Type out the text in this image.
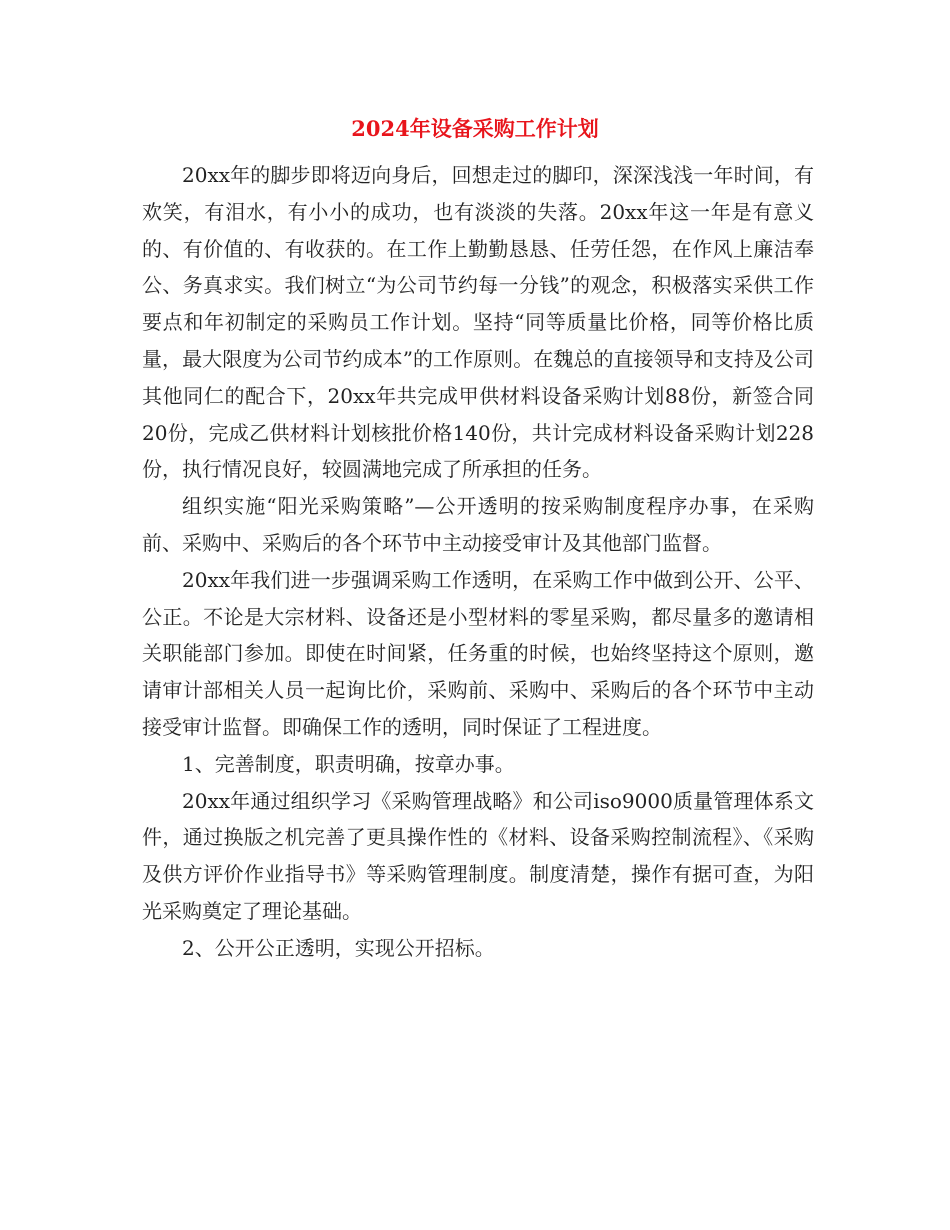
2024年设备采购工作计划

20xx年的脚步即将迈向身后，回想走过的脚印，深深浅浅一年时间，有欢笑，有泪水，有小小的成功，也有淡淡的失落。20xx年这一年是有意义的、有价值的、有收获的。在工作上勤勤恳恳、任劳任怨，在作风上廉洁奉公、务真求实。我们树立“为公司节约每一分钱”的观念，积极落实采供工作要点和年初制定的采购员工作计划。坚持“同等质量比价格，同等价格比质量，最大限度为公司节约成本”的工作原则。在魏总的直接领导和支持及公司其他同仁的配合下，20xx年共完成甲供材料设备采购计划88份，新签合同20份，完成乙供材料计划核批价格140份，共计完成材料设备采购计划228份，执行情况良好，较圆满地完成了所承担的任务。

组织实施“阳光采购策略”—公开透明的按采购制度程序办事，在采购前、采购中、采购后的各个环节中主动接受审计及其他部门监督。

20xx年我们进一步强调采购工作透明，在采购工作中做到公开、公平、公正。不论是大宗材料、设备还是小型材料的零星采购，都尽量多的邀请相关职能部门参加。即使在时间紧，任务重的时候，也始终坚持这个原则，邀请审计部相关人员一起询比价，采购前、采购中、采购后的各个环节中主动接受审计监督。即确保工作的透明，同时保证了工程进度。

1、完善制度，职责明确，按章办事。

20xx年通过组织学习《采购管理战略》和公司iso9000质量管理体系文件，通过换版之机完善了更具操作性的《材料、设备采购控制流程》、《采购及供方评价作业指导书》等采购管理制度。制度清楚，操作有据可查，为阳光采购奠定了理论基础。

2、公开公正透明，实现公开招标。
